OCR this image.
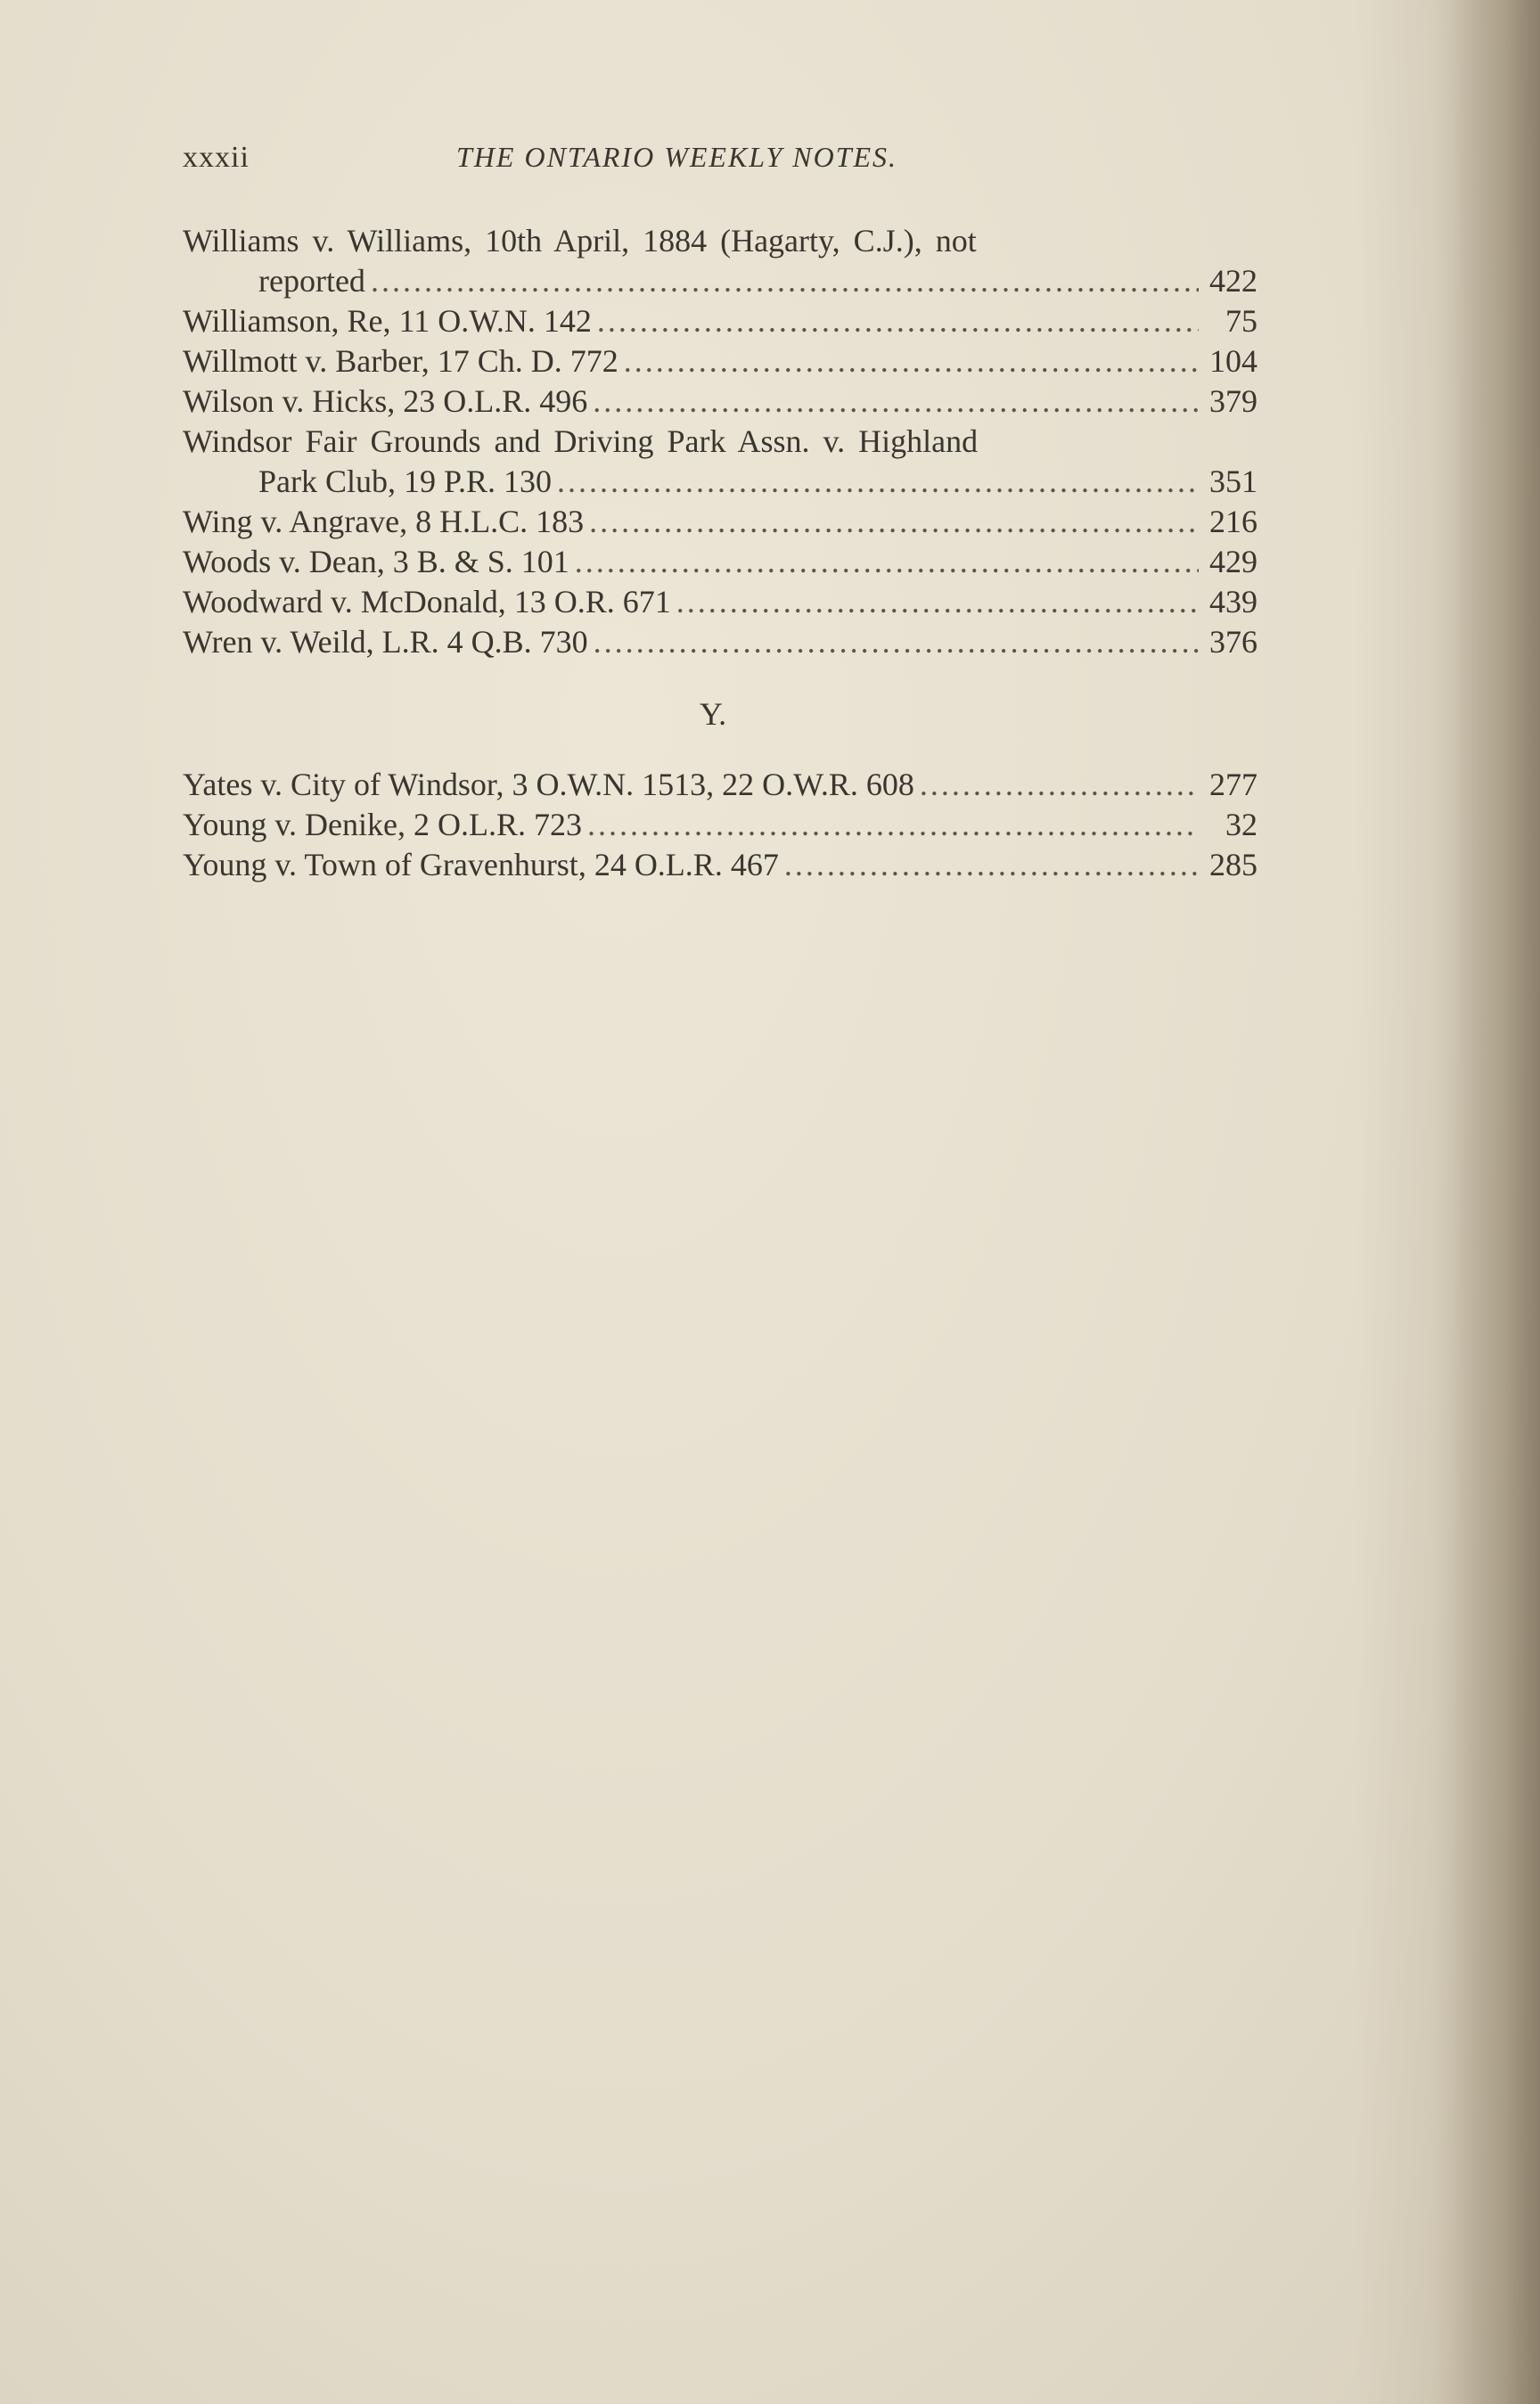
xxxii	THE ONTARIO WEEKLY NOTES.
Williams v. Williams, 10th April, 1884 (Hagarty, C.J.), not
reported .....	422
Williamson, Re, 11 O.W.N. 142 .....	75
Willmott v. Barber, 17 Ch. D. 772 .....	104
Wilson v. Hicks, 23 O.L.R. 496 .....	379
Windsor Fair Grounds and Driving Park Assn. v. Highland
Park Club, 19 P.R. 130 .....	351
Wing v. Angrave, 8 H.L.C. 183 .....	216
Woods v. Dean, 3 B. & S. 101 .....	429
Woodward v. McDonald, 13 O.R. 671 .....	439
Wren v. Weild, L.R. 4 Q.B. 730 .....	376
Y.
Yates v. City of Windsor, 3 O.W.N. 1513, 22 O.W.R. 608 .....	277
Young v. Denike, 2 O.L.R. 723 .....	32
Young v. Town of Gravenhurst, 24 O.L.R. 467 .....	285
